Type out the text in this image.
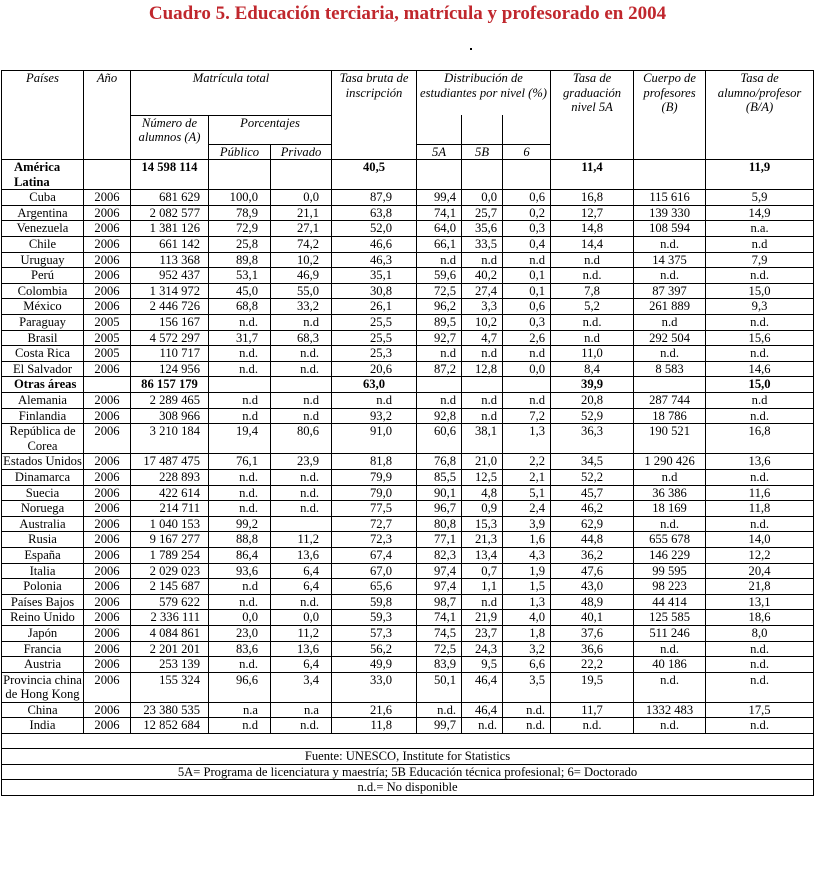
Cuadro 5. Educación terciaria, matrícula y profesorado en 2004
Países	Año	Matrícula total			Tasa bruta de inscripción	Distribución de estudiantes por nivel (%)			Tasa de graduación nivel 5A	Cuerpo de profesores (B)	Tasa de alumno/profesor (B/A)
		Número de alumnos (A)	Porcentajes								
			Público	Privado		5A	5B	6			
América Latina		14 598 114			40,5				11,4		11,9
Cuba	2006	681 629	100,0	0,0	87,9	99,4	0,0	0,6	16,8	115 616	5,9
Argentina	2006	2 082 577	78,9	21,1	63,8	74,1	25,7	0,2	12,7	139 330	14,9
Venezuela	2006	1 381 126	72,9	27,1	52,0	64,0	35,6	0,3	14,8	108 594	n.a.
Chile	2006	661 142	25,8	74,2	46,6	66,1	33,5	0,4	14,4	n.d.	n.d
Uruguay	2006	113 368	89,8	10,2	46,3	n.d	n.d	n.d	n.d	14 375	7,9
Perú	2006	952 437	53,1	46,9	35,1	59,6	40,2	0,1	n.d.	n.d.	n.d.
Colombia	2006	1 314 972	45,0	55,0	30,8	72,5	27,4	0,1	7,8	87 397	15,0
México	2006	2 446 726	68,8	33,2	26,1	96,2	3,3	0,6	5,2	261 889	9,3
Paraguay	2005	156 167	n.d.	n.d	25,5	89,5	10,2	0,3	n.d.	n.d	n.d.
Brasil	2005	4 572 297	31,7	68,3	25,5	92,7	4,7	2,6	n.d	292 504	15,6
Costa Rica	2005	110 717	n.d.	n.d.	25,3	n.d	n.d	n.d	11,0	n.d.	n.d.
El Salvador	2006	124 956	n.d.	n.d.	20,6	87,2	12,8	0,0	8,4	8 583	14,6
Otras áreas		86 157 179			63,0				39,9		15,0
Alemania	2006	2 289 465	n.d	n.d	n.d	n.d	n.d	n.d	20,8	287 744	n.d
Finlandia	2006	308 966	n.d	n.d	93,2	92,8	n.d	7,2	52,9	18 786	n.d.
República de Corea	2006	3 210 184	19,4	80,6	91,0	60,6	38,1	1,3	36,3	190 521	16,8
Estados Unidos	2006	17 487 475	76,1	23,9	81,8	76,8	21,0	2,2	34,5	1 290 426	13,6
Dinamarca	2006	228 893	n.d.	n.d.	79,9	85,5	12,5	2,1	52,2	n.d	n.d.
Suecia	2006	422 614	n.d.	n.d.	79,0	90,1	4,8	5,1	45,7	36 386	11,6
Noruega	2006	214 711	n.d.	n.d.	77,5	96,7	0,9	2,4	46,2	18 169	11,8
Australia	2006	1 040 153	99,2		72,7	80,8	15,3	3,9	62,9	n.d.	n.d.
Rusia	2006	9 167 277	88,8	11,2	72,3	77,1	21,3	1,6	44,8	655 678	14,0
España	2006	1 789 254	86,4	13,6	67,4	82,3	13,4	4,3	36,2	146 229	12,2
Italia	2006	2 029 023	93,6	6,4	67,0	97,4	0,7	1,9	47,6	99 595	20,4
Polonia	2006	2 145 687	n.d	6,4	65,6	97,4	1,1	1,5	43,0	98 223	21,8
Países Bajos	2006	579 622	n.d.	n.d.	59,8	98,7	n.d	1,3	48,9	44 414	13,1
Reino Unido	2006	2 336 111	0,0	0,0	59,3	74,1	21,9	4,0	40,1	125 585	18,6
Japón	2006	4 084 861	23,0	11,2	57,3	74,5	23,7	1,8	37,6	511 246	8,0
Francia	2006	2 201 201	83,6	13,6	56,2	72,5	24,3	3,2	36,6	n.d.	n.d.
Austria	2006	253 139	n.d.	6,4	49,9	83,9	9,5	6,6	22,2	40 186	n.d.
Provincia china de Hong Kong	2006	155 324	96,6	3,4	33,0	50,1	46,4	3,5	19,5	n.d.	n.d.
China	2006	23 380 535	n.a	n.a	21,6	n.d.	46,4	n.d.	11,7	1332 483	17,5
India	2006	12 852 684	n.d	n.d.	11,8	99,7	n.d.	n.d.	n.d.	n.d.	n.d.

Fuente: UNESCO, Institute for Statistics											
5A= Programa de licenciatura y maestría; 5B Educación técnica profesional; 6= Doctorado											
n.d.= No disponible											
